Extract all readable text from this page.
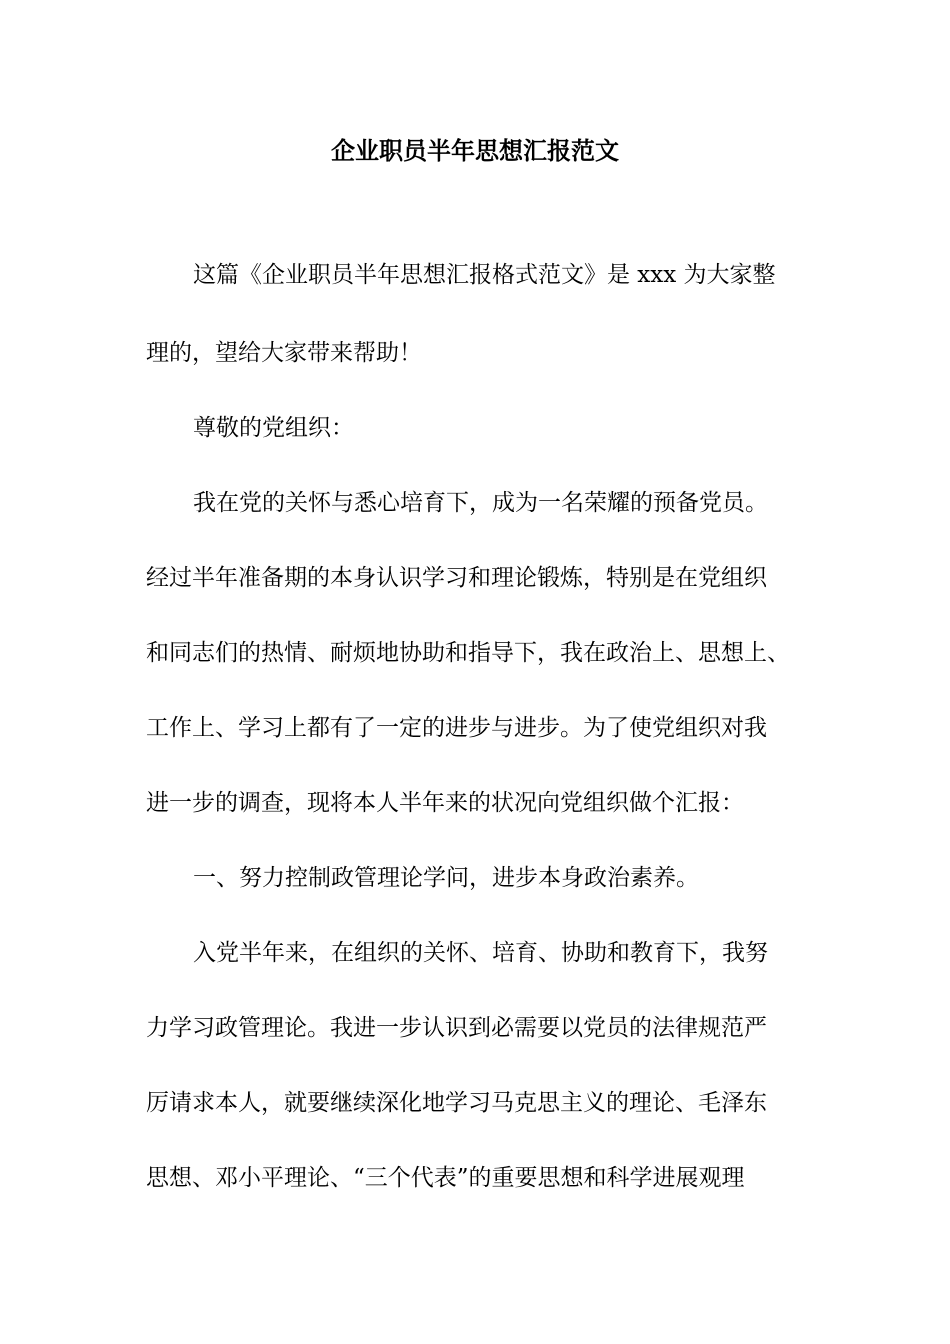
企业职员半年思想汇报范文

这篇《企业职员半年思想汇报格式范文》是 xxx 为大家整

理的，望给大家带来帮助！

尊敬的党组织：

我在党的关怀与悉心培育下，成为一名荣耀的预备党员。

经过半年准备期的本身认识学习和理论锻炼，特别是在党组织

和同志们的热情、耐烦地协助和指导下，我在政治上、思想上、

工作上、学习上都有了一定的进步与进步。为了使党组织对我

进一步的调查，现将本人半年来的状况向党组织做个汇报：

一、努力控制政管理论学问，进步本身政治素养。

入党半年来，在组织的关怀、培育、协助和教育下，我努

力学习政管理论。我进一步认识到必需要以党员的法律规范严

厉请求本人，就要继续深化地学习马克思主义的理论、毛泽东

思想、邓小平理论、“三个代表”的重要思想和科学进展观理
